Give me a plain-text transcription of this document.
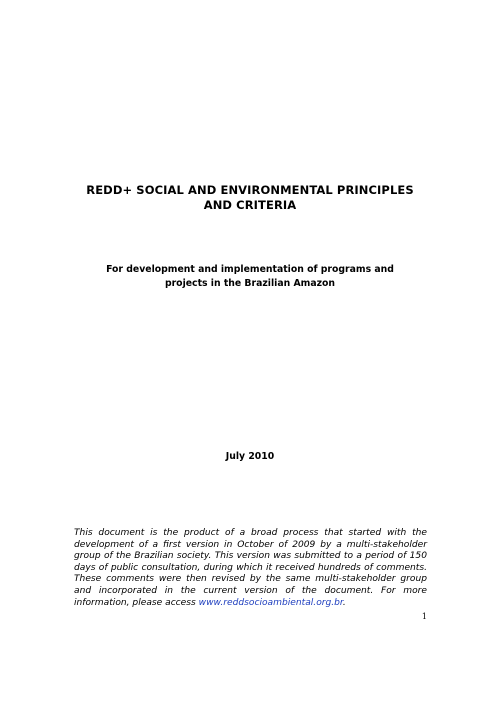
REDD+ SOCIAL AND ENVIRONMENTAL PRINCIPLES
AND CRITERIA
For development and implementation of programs and
projects in the Brazilian Amazon
July 2010
This document is the product of a broad process that started with the development of a first version in October of 2009 by a multi-stakeholder group of the Brazilian society. This version was submitted to a period of 150 days of public consultation, during which it received hundreds of comments. These comments were then revised by the same multi-stakeholder group and incorporated in the current version of the document. For more information, please access www.reddsocioambiental.org.br.
1
